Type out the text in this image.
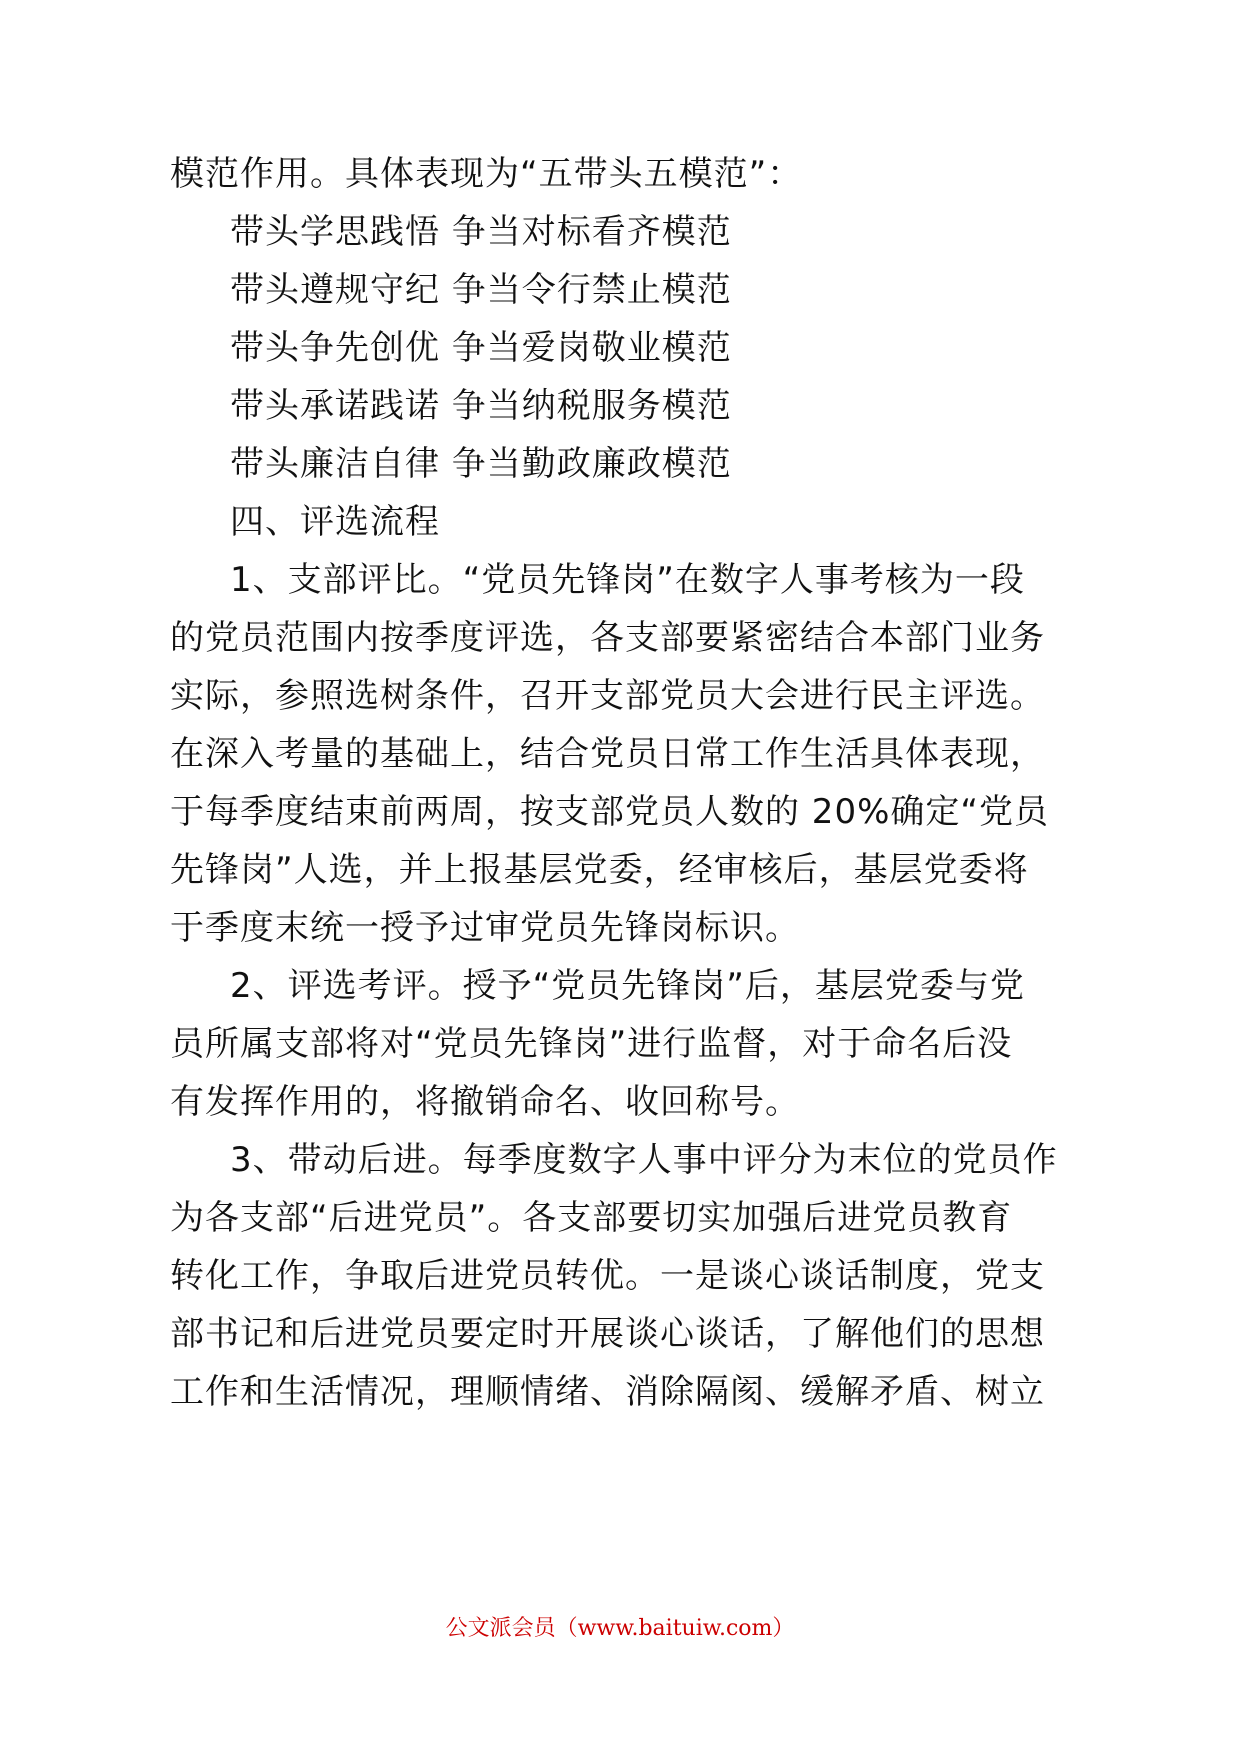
模范作用。具体表现为“五带头五模范”：
带头学思践悟 争当对标看齐模范
带头遵规守纪 争当令行禁止模范
带头争先创优 争当爱岗敬业模范
带头承诺践诺 争当纳税服务模范
带头廉洁自律 争当勤政廉政模范
四、评选流程
1、支部评比。“党员先锋岗”在数字人事考核为一段
的党员范围内按季度评选，各支部要紧密结合本部门业务
实际，参照选树条件，召开支部党员大会进行民主评选。
在深入考量的基础上，结合党员日常工作生活具体表现，
于每季度结束前两周，按支部党员人数的 20%确定“党员
先锋岗”人选，并上报基层党委，经审核后，基层党委将
于季度末统一授予过审党员先锋岗标识。
2、评选考评。授予“党员先锋岗”后，基层党委与党
员所属支部将对“党员先锋岗”进行监督，对于命名后没
有发挥作用的，将撤销命名、收回称号。
3、带动后进。每季度数字人事中评分为末位的党员作
为各支部“后进党员”。各支部要切实加强后进党员教育
转化工作，争取后进党员转优。一是谈心谈话制度，党支
部书记和后进党员要定时开展谈心谈话，了解他们的思想
工作和生活情况，理顺情绪、消除隔阂、缓解矛盾、树立
公文派会员（www.baituiw.com）
